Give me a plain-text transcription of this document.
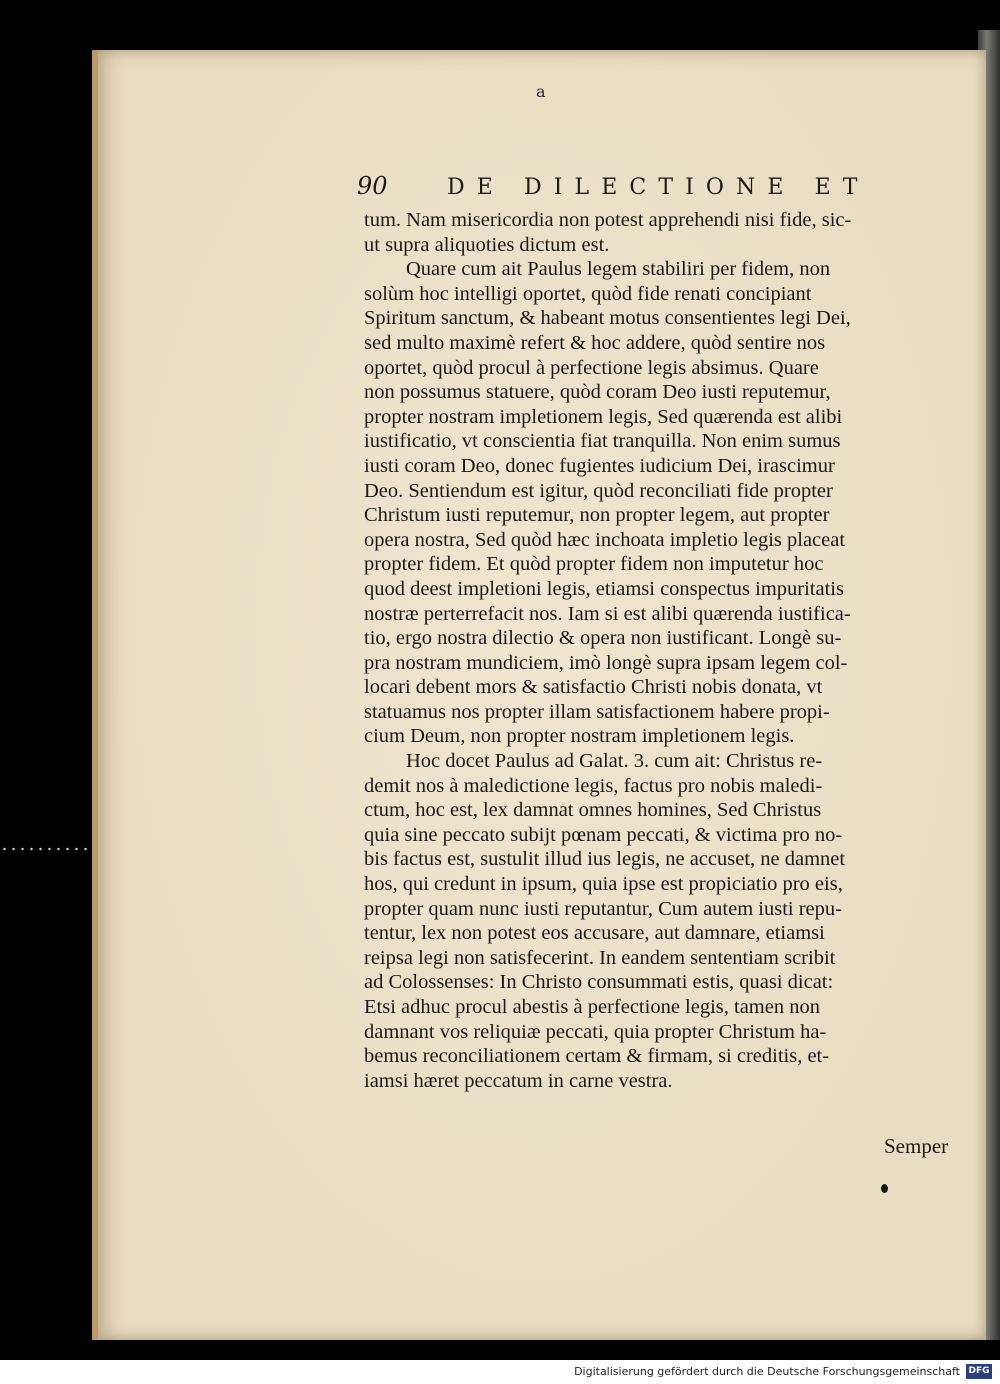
a
90	DE DILECTIONE ET
tum. Nam misericordia non potest apprehendi nisi fide, sic-
ut supra aliquoties dictum est.
Quare cum ait Paulus legem stabiliri per fidem, non
solùm hoc intelligi oportet, quòd fide renati concipiant
Spiritum sanctum, & habeant motus consentientes legi Dei,
sed multo maximè refert & hoc addere, quòd sentire nos
oportet, quòd procul à perfectione legis absimus. Quare
non possumus statuere, quòd coram Deo iusti reputemur,
propter nostram impletionem legis, Sed quærenda est alibi
iustificatio, vt conscientia fiat tranquilla. Non enim sumus
iusti coram Deo, donec fugientes iudicium Dei, irascimur
Deo. Sentiendum est igitur, quòd reconciliati fide propter
Christum iusti reputemur, non propter legem, aut propter
opera nostra, Sed quòd hæc inchoata impletio legis placeat
propter fidem. Et quòd propter fidem non imputetur hoc
quod deest impletioni legis, etiamsi conspectus impuritatis
nostræ perterrefacit nos. Iam si est alibi quærenda iustifica-
tio, ergo nostra dilectio & opera non iustificant. Longè su-
pra nostram mundiciem, imò longè supra ipsam legem col-
locari debent mors & satisfactio Christi nobis donata, vt
statuamus nos propter illam satisfactionem habere propi-
cium Deum, non propter nostram impletionem legis.
Hoc docet Paulus ad Galat. 3. cum ait: Christus re-
demit nos à maledictione legis, factus pro nobis maledi-
ctum, hoc est, lex damnat omnes homines, Sed Christus
quia sine peccato subijt pœnam peccati, & victima pro no-
bis factus est, sustulit illud ius legis, ne accuset, ne damnet
hos, qui credunt in ipsum, quia ipse est propiciatio pro eis,
propter quam nunc iusti reputantur, Cum autem iusti repu-
tentur, lex non potest eos accusare, aut damnare, etiamsi
reipsa legi non satisfecerint. In eandem sententiam scribit
ad Colossenses: In Christo consummati estis, quasi dicat:
Etsi adhuc procul abestis à perfectione legis, tamen non
damnant vos reliquiæ peccati, quia propter Christum ha-
bemus reconciliationem certam & firmam, si creditis, et-
iamsi hæret peccatum in carne vestra.
Semper
Digitalisierung gefördert durch die Deutsche Forschungsgemeinschaft DFG
